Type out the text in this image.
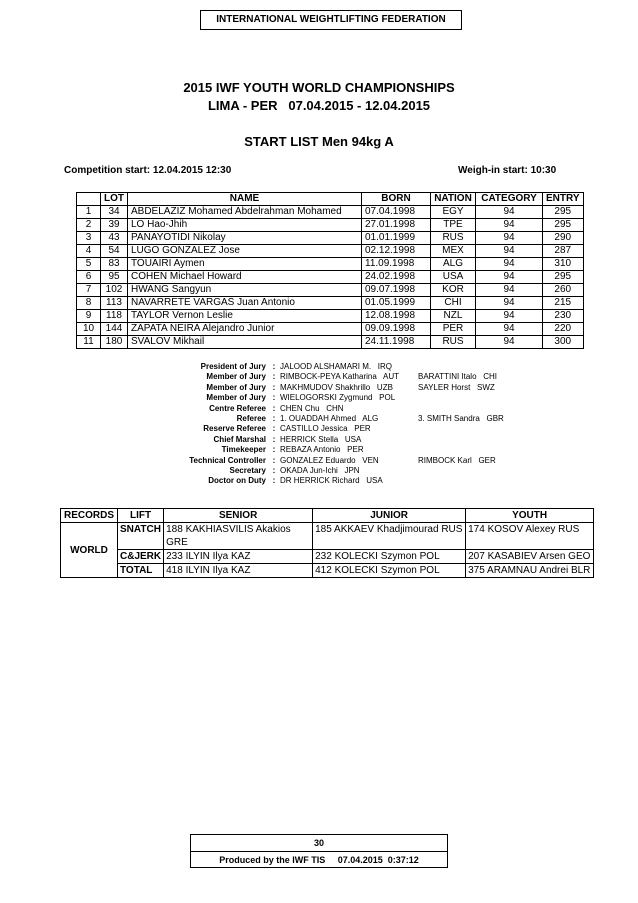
INTERNATIONAL WEIGHTLIFTING FEDERATION
2015 IWF YOUTH WORLD CHAMPIONSHIPS
LIMA - PER   07.04.2015 - 12.04.2015
START LIST Men 94kg A
Competition start: 12.04.2015 12:30	Weigh-in start: 10:30
	LOT	NAME	BORN	NATION	CATEGORY	ENTRY
1	34	ABDELAZIZ Mohamed Abdelrahman Mohamed	07.04.1998	EGY	94	295
2	39	LO Hao-Jhih	27.01.1998	TPE	94	295
3	43	PANAYOTIDI Nikolay	01.01.1999	RUS	94	290
4	54	LUGO GONZALEZ Jose	02.12.1998	MEX	94	287
5	83	TOUAIRI Aymen	11.09.1998	ALG	94	310
6	95	COHEN Michael Howard	24.02.1998	USA	94	295
7	102	HWANG Sangyun	09.07.1998	KOR	94	260
8	113	NAVARRETE VARGAS Juan Antonio	01.05.1999	CHI	94	215
9	118	TAYLOR Vernon Leslie	12.08.1998	NZL	94	230
10	144	ZAPATA NEIRA Alejandro Junior	09.09.1998	PER	94	220
11	180	SVALOV Mikhail	24.11.1998	RUS	94	300
President of Jury	:	JALOOD ALSHAMARI M.   IRQ	
Member of Jury	:	RIMBOCK-PEYA Katharina   AUT	BARATTINI Italo   CHI
Member of Jury	:	MAKHMUDOV Shakhrillo   UZB	SAYLER Horst   SWZ
Member of Jury	:	WIELOGORSKI Zygmund   POL	
Centre Referee	:	CHEN Chu   CHN	
Referee	:	1. OUADDAH Ahmed   ALG	3. SMITH Sandra   GBR
Reserve Referee	:	CASTILLO Jessica   PER	
Chief Marshal	:	HERRICK Stella   USA	
Timekeeper	:	REBAZA Antonio   PER	
Technical Controller	:	GONZALEZ Eduardo   VEN	RIMBOCK Karl   GER
Secretary	:	OKADA Jun-Ichi   JPN	
Doctor on Duty	:	DR HERRICK Richard   USA	
RECORDS	LIFT	SENIOR	JUNIOR	YOUTH
WORLD	SNATCH	188 KAKHIASVILIS Akakios GRE	185 AKKAEV Khadjimourad RUS	174 KOSOV Alexey RUS
	C&JERK	233 ILYIN Ilya KAZ	232 KOLECKI Szymon POL	207 KASABIEV Arsen GEO
	TOTAL	418 ILYIN Ilya KAZ	412 KOLECKI Szymon POL	375 ARAMNAU Andrei BLR
30
Produced by the IWF TIS     07.04.2015  0:37:12
